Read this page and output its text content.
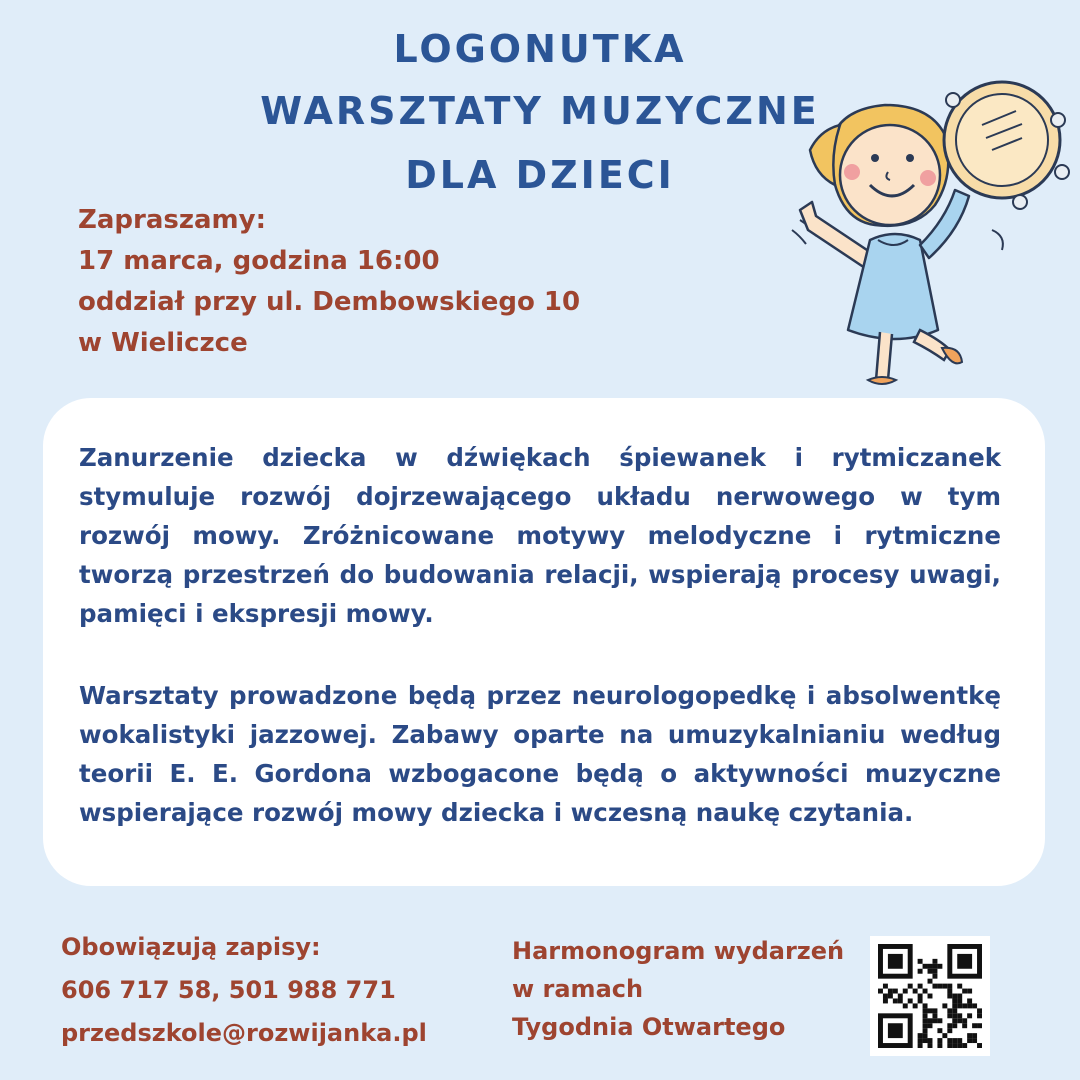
LOGONUTKA
WARSZTATY MUZYCZNE
DLA DZIECI
Zapraszamy:
17 marca, godzina 16:00
oddział przy ul. Dembowskiego 10
w Wieliczce

Zanurzenie dziecka w dźwiękach śpiewanek i rytmiczanek stymuluje rozwój dojrzewającego układu nerwowego w tym rozwój mowy. Zróżnicowane motywy melodyczne i rytmiczne tworzą przestrzeń do budowania relacji, wspierają procesy uwagi, pamięci i ekspresji mowy.

Warsztaty prowadzone będą przez neurologopedkę i absolwentkę wokalistyki jazzowej. Zabawy oparte na umuzykalnianiu według teorii E. E. Gordona wzbogacone będą o aktywności muzyczne wspierające rozwój mowy dziecka i wczesną naukę czytania.

Obowiązują zapisy:
606 717 58, 501 988 771
przedszkole@rozwijanka.pl
Harmonogram wydarzeń
w ramach
Tygodnia Otwartego
